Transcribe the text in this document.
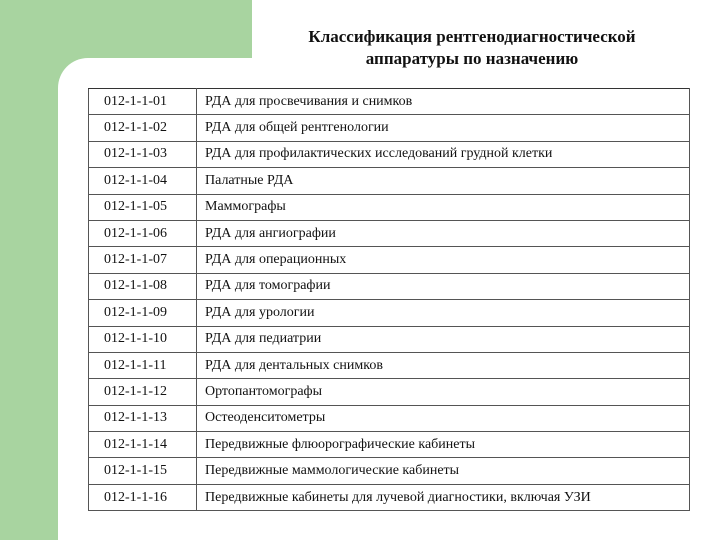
Классификация рентгенодиагностической
аппаратуры по назначению
012-1-1-01	РДА для просвечивания и снимков
012-1-1-02	РДА для общей рентгенологии
012-1-1-03	РДА для профилактических исследований грудной клетки
012-1-1-04	Палатные РДА
012-1-1-05	Маммографы
012-1-1-06	РДА для ангиографии
012-1-1-07	РДА для операционных
012-1-1-08	РДА для томографии
012-1-1-09	РДА для урологии
012-1-1-10	РДА для педиатрии
012-1-1-11	РДА для дентальных снимков
012-1-1-12	Ортопантомографы
012-1-1-13	Остеоденситометры
012-1-1-14	Передвижные флюорографические кабинеты
012-1-1-15	Передвижные маммологические кабинеты
012-1-1-16	Передвижные кабинеты для лучевой диагностики, включая УЗИ
